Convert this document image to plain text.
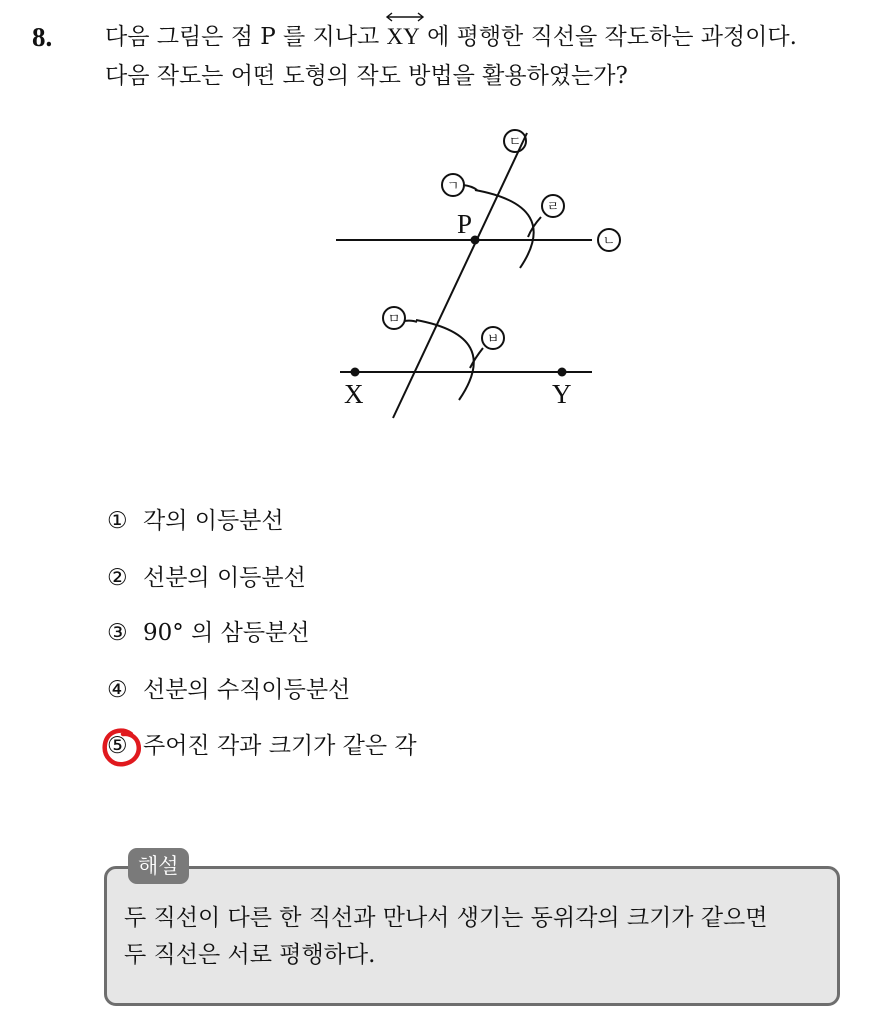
8. 다음 그림은 점 P 를 지나고
XY 에 평행한 직선을 작도하는 과정이다.
다음 작도는 어떤 도형의 작도 방법을 활용하였는가?
P
X	Y
ㄱ
ㄴ
ㄷ
ㄹ
ㅁ
ㅂ
① 각의 이등분선
② 선분의 이등분선
③ 90° 의 삼등분선
④ 선분의 수직이등분선
⑤ 주어진 각과 크기가 같은 각
해설
두 직선이 다른 한 직선과 만나서 생기는 동위각의 크기가 같으면
두 직선은 서로 평행하다.
